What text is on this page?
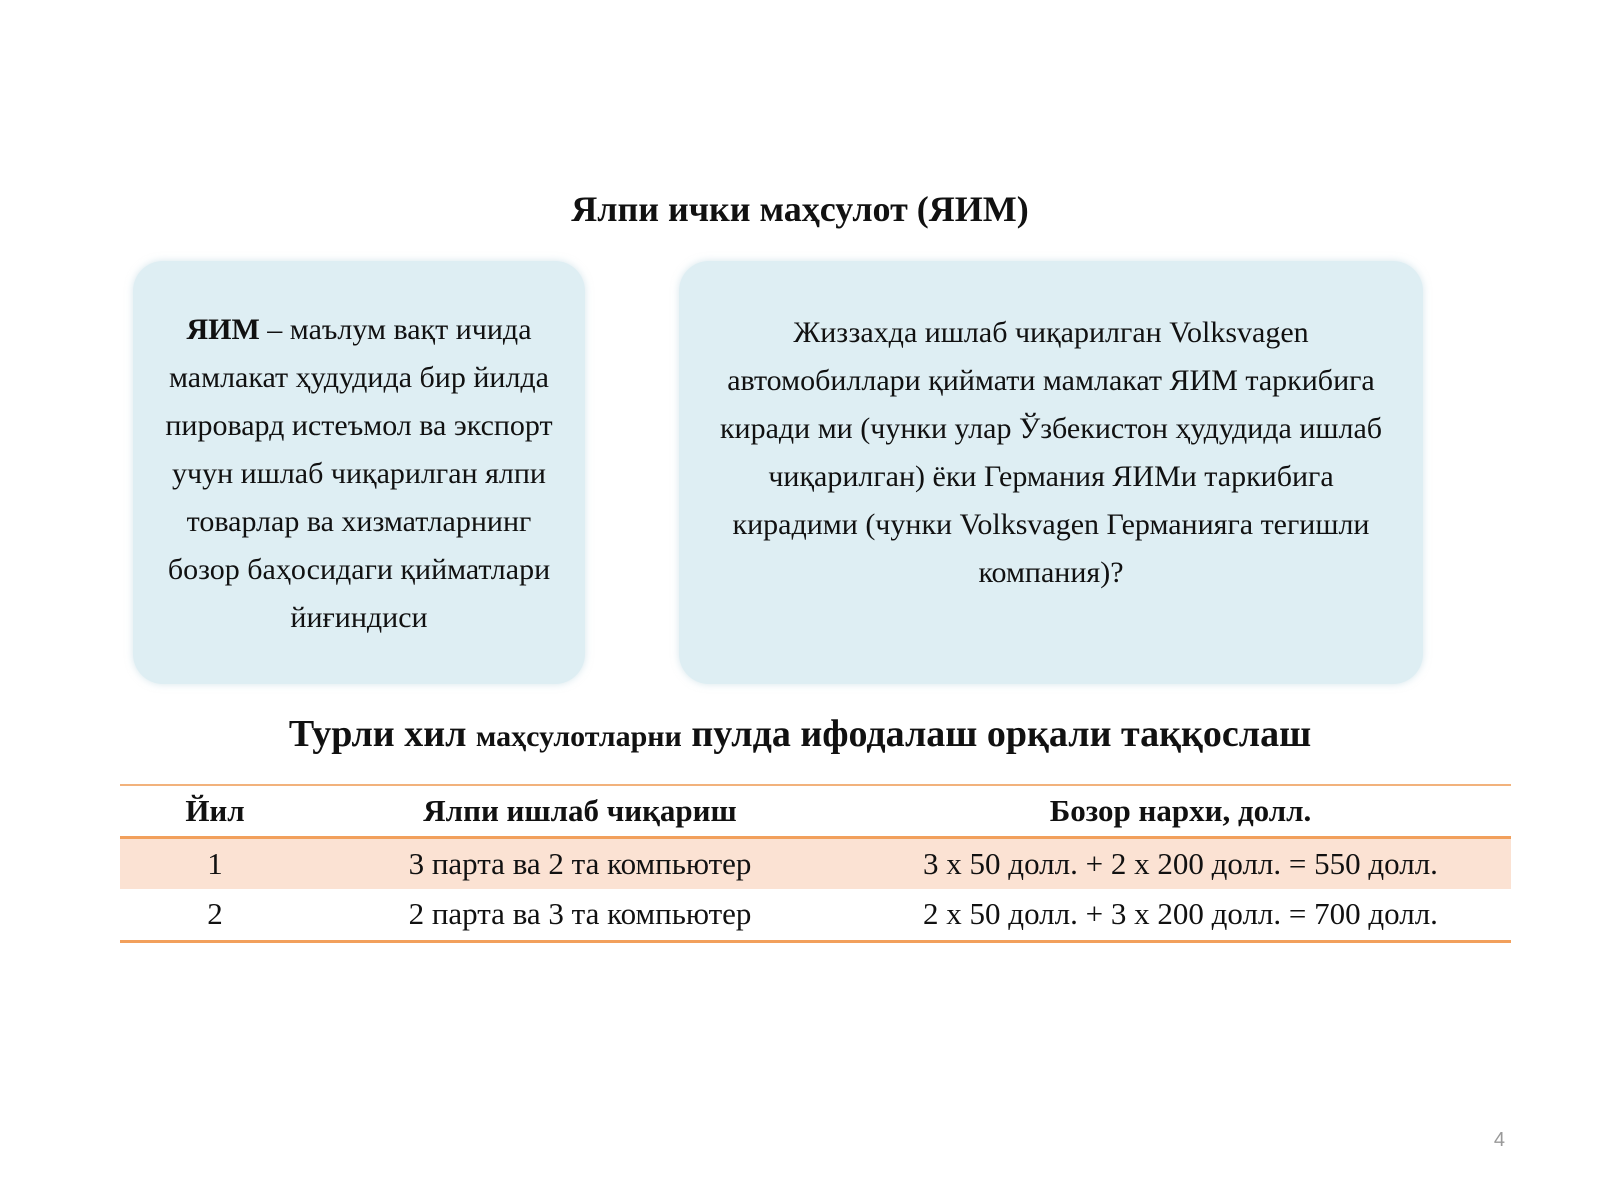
Ялпи ички маҳсулот (ЯИМ)

ЯИМ – маълум вақт ичида мамлакат ҳудудида бир йилда пировард истеъмол ва экспорт учун ишлаб чиқарилган ялпи товарлар ва хизматларнинг бозор баҳосидаги қийматлари йиғиндиси

Жиззахда ишлаб чиқарилган Volksvagen автомобиллари қиймати мамлакат ЯИМ таркибига киради ми (чунки улар Ўзбекистон ҳудудида ишлаб чиқарилган) ёки Германия ЯИМи таркибига кирадими (чунки Volksvagen Германияга тегишли компания)?

Турли хил маҳсулотларни пулда ифодалаш орқали таққослаш
Йил	Ялпи ишлаб чиқариш	Бозор нархи, долл.
1	3 парта ва 2 та компьютер	3 x 50 долл. + 2 x 200 долл. = 550 долл.
2	2 парта ва 3 та компьютер	2 x 50 долл. + 3 x 200 долл. = 700 долл.
4
